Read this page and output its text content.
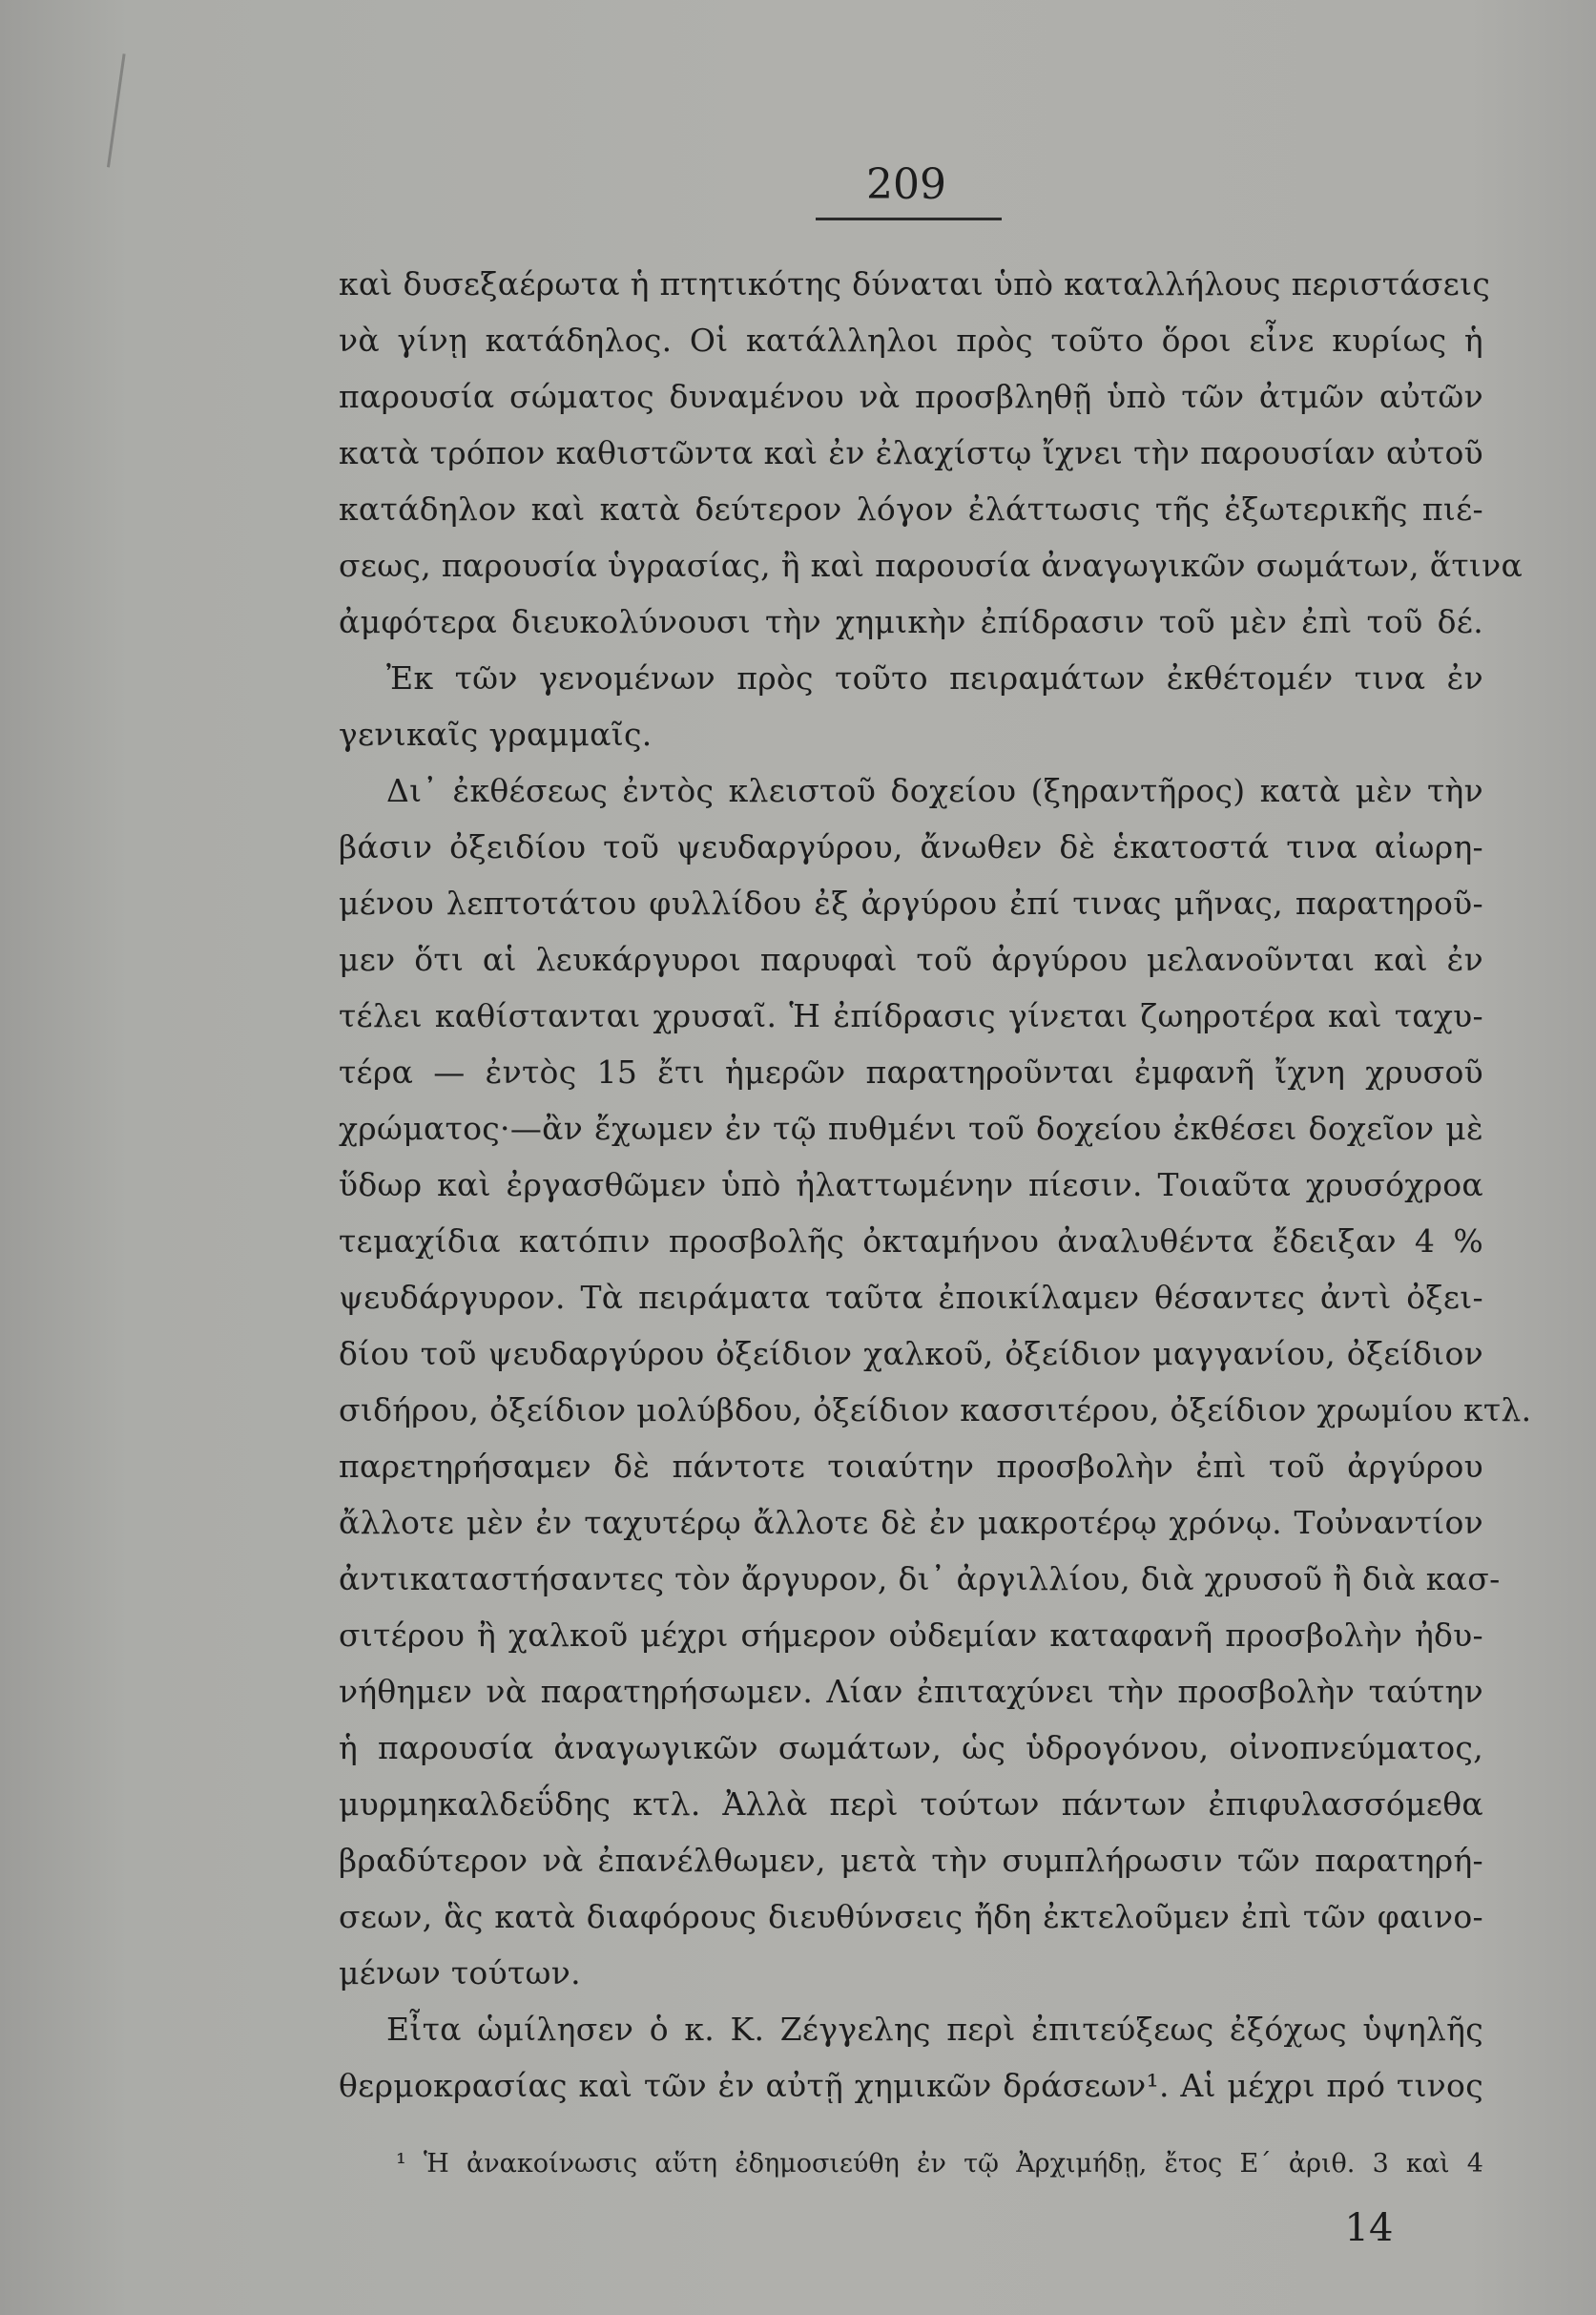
209
καὶ δυσεξαέρωτα ἡ πτητικότης δύναται ὑπὸ καταλλήλους περιστάσεις
νὰ γίνῃ κατάδηλος. Οἱ κατάλληλοι πρὸς τοῦτο ὅροι εἶνε κυρίως ἡ
παρουσία σώματος δυναμένου νὰ προσβληθῇ ὑπὸ τῶν ἀτμῶν αὐτῶν
κατὰ τρόπον καθιστῶντα καὶ ἐν ἐλαχίστῳ ἴχνει τὴν παρουσίαν αὐτοῦ
κατάδηλον καὶ κατὰ δεύτερον λόγον ἐλάττωσις τῆς ἐξωτερικῆς πιέ-
σεως, παρουσία ὑγρασίας, ἢ καὶ παρουσία ἀναγωγικῶν σωμάτων, ἅτινα
ἀμφότερα διευκολύνουσι τὴν χημικὴν ἐπίδρασιν τοῦ μὲν ἐπὶ τοῦ δέ.
Ἐκ τῶν γενομένων πρὸς τοῦτο πειραμάτων ἐκθέτομέν τινα ἐν
γενικαῖς γραμμαῖς.
Δι᾽ ἐκθέσεως ἐντὸς κλειστοῦ δοχείου (ξηραντῆρος) κατὰ μὲν τὴν
βάσιν ὀξειδίου τοῦ ψευδαργύρου, ἄνωθεν δὲ ἑκατοστά τινα αἰωρη-
μένου λεπτοτάτου φυλλίδου ἐξ ἀργύρου ἐπί τινας μῆνας, παρατηροῦ-
μεν ὅτι αἱ λευκάργυροι παρυφαὶ τοῦ ἀργύρου μελανοῦνται καὶ ἐν
τέλει καθίστανται χρυσαῖ. Ἡ ἐπίδρασις γίνεται ζωηροτέρα καὶ ταχυ-
τέρα — ἐντὸς 15 ἔτι ἡμερῶν παρατηροῦνται ἐμφανῆ ἴχνη χρυσοῦ
χρώματος·—ἂν ἔχωμεν ἐν τῷ πυθμένι τοῦ δοχείου ἐκθέσει δοχεῖον μὲ
ὕδωρ καὶ ἐργασθῶμεν ὑπὸ ἠλαττωμένην πίεσιν. Τοιαῦτα χρυσόχροα
τεμαχίδια κατόπιν προσβολῆς ὀκταμήνου ἀναλυθέντα ἔδειξαν 4 %
ψευδάργυρον. Τὰ πειράματα ταῦτα ἐποικίλαμεν θέσαντες ἀντὶ ὀξει-
δίου τοῦ ψευδαργύρου ὀξείδιον χαλκοῦ, ὀξείδιον μαγγανίου, ὀξείδιον
σιδήρου, ὀξείδιον μολύβδου, ὀξείδιον κασσιτέρου, ὀξείδιον χρωμίου κτλ.
παρετηρήσαμεν δὲ πάντοτε τοιαύτην προσβολὴν ἐπὶ τοῦ ἀργύρου
ἄλλοτε μὲν ἐν ταχυτέρῳ ἄλλοτε δὲ ἐν μακροτέρῳ χρόνῳ. Τοὐναντίον
ἀντικαταστήσαντες τὸν ἄργυρον, δι᾽ ἀργιλλίου, διὰ χρυσοῦ ἢ διὰ κασ-
σιτέρου ἢ χαλκοῦ μέχρι σήμερον οὐδεμίαν καταφανῆ προσβολὴν ἠδυ-
νήθημεν νὰ παρατηρήσωμεν. Λίαν ἐπιταχύνει τὴν προσβολὴν ταύτην
ἡ παρουσία ἀναγωγικῶν σωμάτων, ὡς ὑδρογόνου, οἰνοπνεύματος,
μυρμηκαλδεΰδης κτλ. Ἀλλὰ περὶ τούτων πάντων ἐπιφυλασσόμεθα
βραδύτερον νὰ ἐπανέλθωμεν, μετὰ τὴν συμπλήρωσιν τῶν παρατηρή-
σεων, ἃς κατὰ διαφόρους διευθύνσεις ἤδη ἐκτελοῦμεν ἐπὶ τῶν φαινο-
μένων τούτων.
Εἶτα ὡμίλησεν ὁ κ. Κ. Ζέγγελης περὶ ἐπιτεύξεως ἐξόχως ὑψηλῆς
θερμοκρασίας καὶ τῶν ἐν αὐτῇ χημικῶν δράσεων¹. Αἱ μέχρι πρό τινος
¹ Ἡ ἀνακοίνωσις αὕτη ἐδημοσιεύθη ἐν τῷ Ἀρχιμήδῃ, ἔτος Ε΄ ἀριθ. 3 καὶ 4
14
